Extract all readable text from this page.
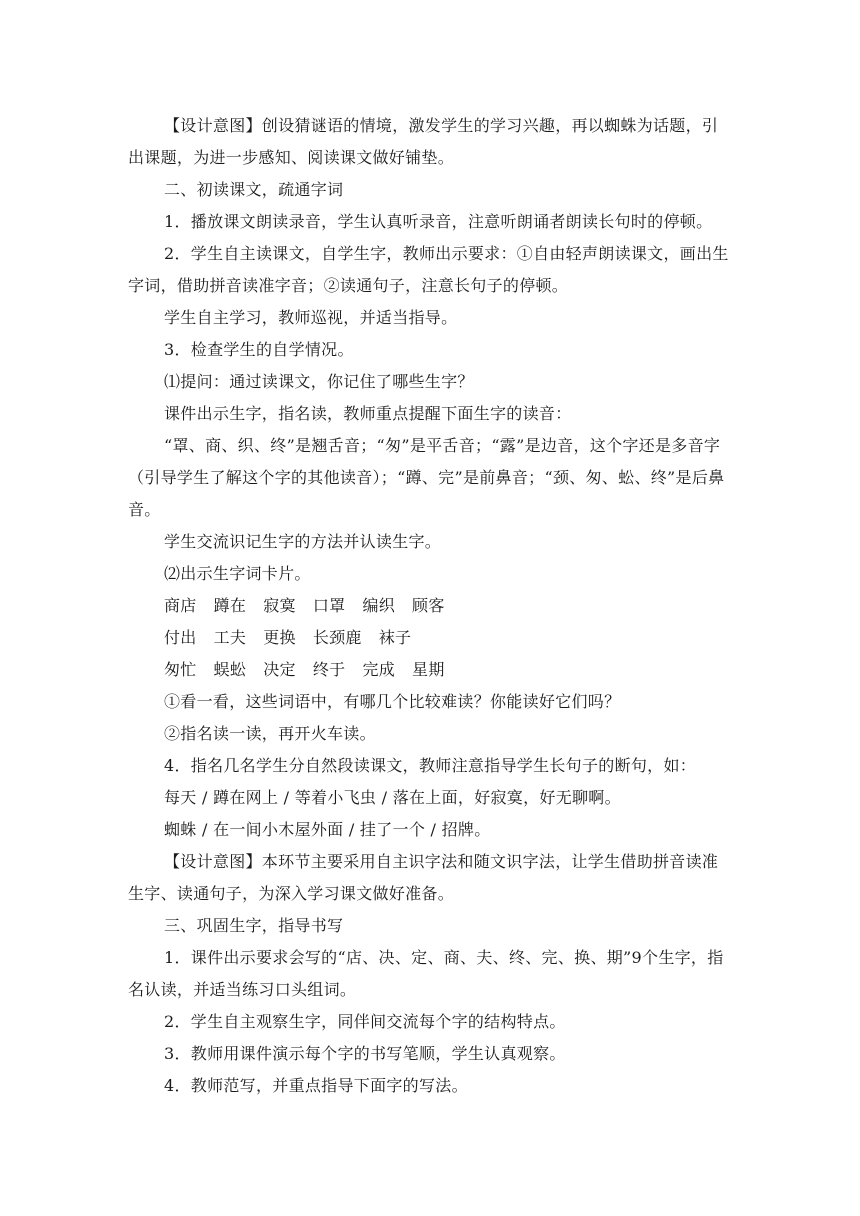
【设计意图】创设猜谜语的情境，激发学生的学习兴趣，再以蜘蛛为话题，引出课题，为进一步感知、阅读课文做好铺垫。

二、初读课文，疏通字词

1．播放课文朗读录音，学生认真听录音，注意听朗诵者朗读长句时的停顿。

2．学生自主读课文，自学生字，教师出示要求：①自由轻声朗读课文，画出生字词，借助拼音读准字音；②读通句子，注意长句子的停顿。

学生自主学习，教师巡视，并适当指导。

3．检查学生的自学情况。

⑴提问：通过读课文，你记住了哪些生字？

课件出示生字，指名读，教师重点提醒下面生字的读音：

“罩、商、织、终”是翘舌音；“匆”是平舌音；“露”是边音，这个字还是多音字（引导学生了解这个字的其他读音）；“蹲、完”是前鼻音；“颈、匆、蚣、终”是后鼻音。

学生交流识记生字的方法并认读生字。

⑵出示生字词卡片。

商店 蹲在 寂寞 口罩 编织 顾客

付出 工夫 更换 长颈鹿 袜子

匆忙 蜈蚣 决定 终于 完成 星期

①看一看，这些词语中，有哪几个比较难读？你能读好它们吗？

②指名读一读，再开火车读。

4．指名几名学生分自然段读课文，教师注意指导学生长句子的断句，如：

每天 / 蹲在网上 / 等着小飞虫 / 落在上面，好寂寞，好无聊啊。

蜘蛛 / 在一间小木屋外面 / 挂了一个 / 招牌。

【设计意图】本环节主要采用自主识字法和随文识字法，让学生借助拼音读准生字、读通句子，为深入学习课文做好准备。

三、巩固生字，指导书写

1．课件出示要求会写的“店、决、定、商、夫、终、完、换、期”9个生字，指名认读，并适当练习口头组词。

2．学生自主观察生字，同伴间交流每个字的结构特点。

3．教师用课件演示每个字的书写笔顺，学生认真观察。

4．教师范写，并重点指导下面字的写法。
